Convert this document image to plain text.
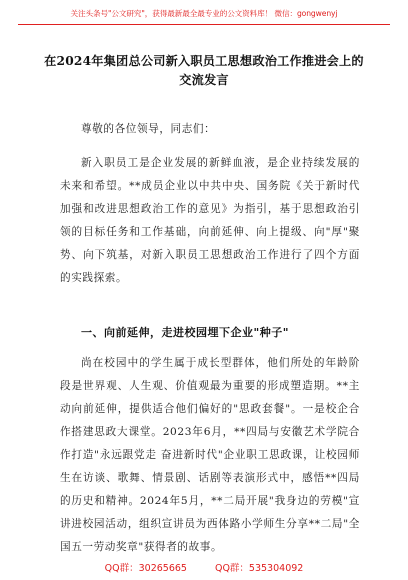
关注头条号"公文研究"，获得最新最全最专业的公文资料库！ 微信：gongwenyj
在2024年集团总公司新入职员工思想政治工作推进会上的
交流发言
尊敬的各位领导，同志们：
新入职员工是企业发展的新鲜血液，是企业持续发展的未来和希望。**成员企业以中共中央、国务院《关于新时代加强和改进思想政治工作的意见》为指引，基于思想政治引领的目标任务和工作基础，向前延伸、向上提级、向"厚"聚势、向下筑基，对新入职员工思想政治工作进行了四个方面的实践探索。
一、向前延伸，走进校园埋下企业"种子"
尚在校园中的学生属于成长型群体，他们所处的年龄阶段是世界观、人生观、价值观最为重要的形成塑造期。**主动向前延伸，提供适合他们偏好的"思政套餐"。一是校企合作搭建思政大课堂。2023年6月，**四局与安徽艺术学院合作打造"永远跟党走 奋进新时代"企业职工思政课，让校园师生在访谈、歌舞、情景剧、话剧等表演形式中，感悟**四局的历史和精神。2024年5月，**二局开展"我身边的劳模"宣讲进校园活动，组织宣讲员为西体路小学师生分享**二局"全国五一劳动奖章"获得者的故事。
QQ群：30265665	QQ群：535304092
